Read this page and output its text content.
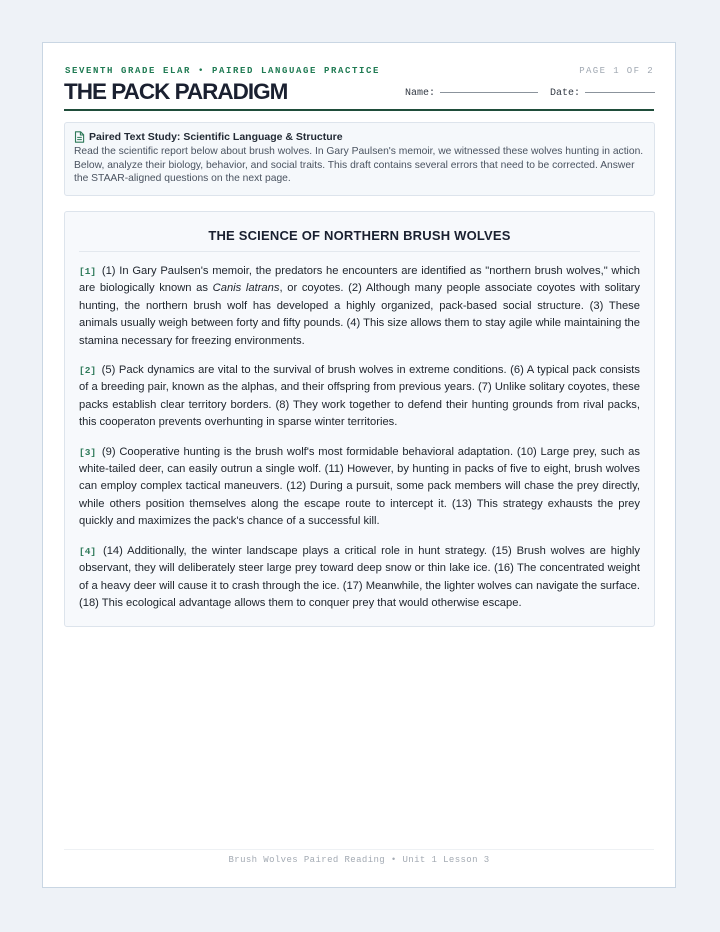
SEVENTH GRADE ELAR • PAIRED LANGUAGE PRACTICE	PAGE 1 OF 2
THE PACK PARADIGM	Name:	Date:
Paired Text Study: Scientific Language & Structure
Read the scientific report below about brush wolves. In Gary Paulsen's memoir, we witnessed these wolves hunting in action. Below, analyze their biology, behavior, and social traits. This draft contains several errors that need to be corrected. Answer the STAAR-aligned questions on the next page.
THE SCIENCE OF NORTHERN BRUSH WOLVES

[1] (1) In Gary Paulsen's memoir, the predators he encounters are identified as "northern brush wolves," which are biologically known as Canis latrans, or coyotes. (2) Although many people associate coyotes with solitary hunting, the northern brush wolf has developed a highly organized, pack-based social structure. (3) These animals usually weigh between forty and fifty pounds. (4) This size allows them to stay agile while maintaining the stamina necessary for freezing environments.

[2] (5) Pack dynamics are vital to the survival of brush wolves in extreme conditions. (6) A typical pack consists of a breeding pair, known as the alphas, and their offspring from previous years. (7) Unlike solitary coyotes, these packs establish clear territory borders. (8) They work together to defend their hunting grounds from rival packs, this cooperaton prevents overhunting in sparse winter territories.

[3] (9) Cooperative hunting is the brush wolf's most formidable behavioral adaptation. (10) Large prey, such as white-tailed deer, can easily outrun a single wolf. (11) However, by hunting in packs of five to eight, brush wolves can employ complex tactical maneuvers. (12) During a pursuit, some pack members will chase the prey directly, while others position themselves along the escape route to intercept it. (13) This strategy exhausts the prey quickly and maximizes the pack's chance of a successful kill.

[4] (14) Additionally, the winter landscape plays a critical role in hunt strategy. (15) Brush wolves are highly observant, they will deliberately steer large prey toward deep snow or thin lake ice. (16) The concentrated weight of a heavy deer will cause it to crash through the ice. (17) Meanwhile, the lighter wolves can navigate the surface. (18) This ecological advantage allows them to conquer prey that would otherwise escape.

Brush Wolves Paired Reading • Unit 1 Lesson 3
